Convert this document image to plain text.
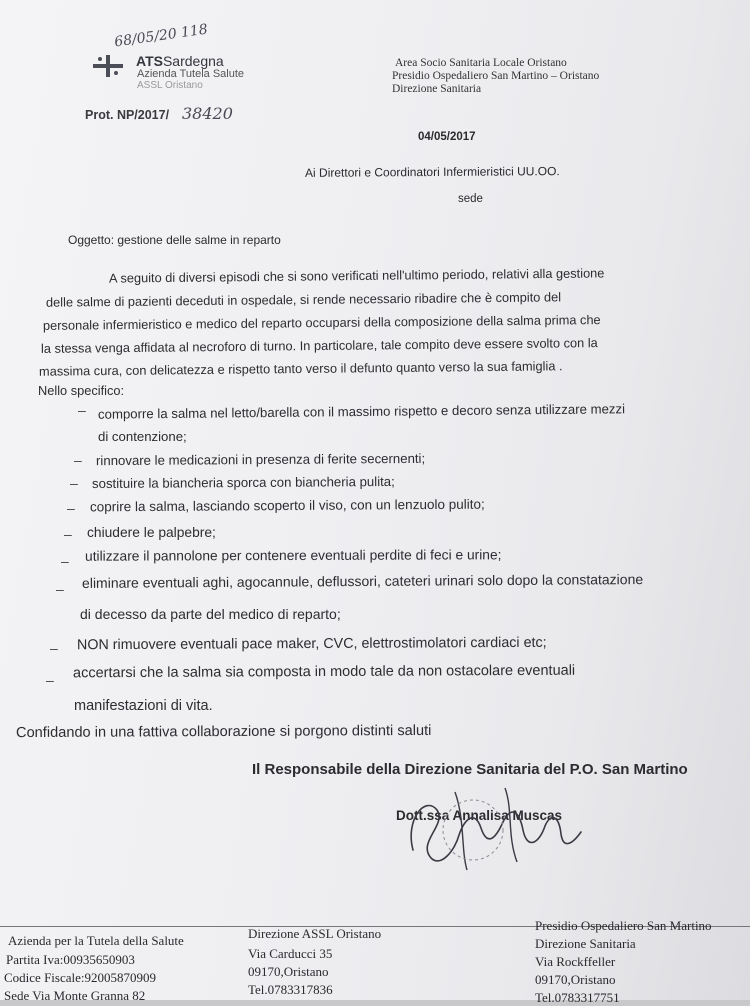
68/05/20 118
ATSSardegna
Azienda Tutela Salute
ASSL Oristano
Area Socio Sanitaria Locale Oristano
Presidio Ospedaliero San Martino – Oristano
Direzione Sanitaria
Prot. NP/2017/ 38420
04/05/2017
Ai Direttori e Coordinatori Infermieristici UU.OO.
sede
Oggetto: gestione delle salme in reparto
A seguito di diversi episodi che si sono verificati nell'ultimo periodo, relativi alla gestione
delle salme di pazienti deceduti in ospedale, si rende necessario ribadire che è compito del
personale infermieristico e medico del reparto occuparsi della composizione della salma prima che
la stessa venga affidata al necroforo di turno. In particolare, tale compito deve essere svolto con la
massima cura, con delicatezza e rispetto tanto verso il defunto quanto verso la sua famiglia .
Nello specifico:
– comporre la salma nel letto/barella con il massimo rispetto e decoro senza utilizzare mezzi
di contenzione;
– rinnovare le medicazioni in presenza di ferite secernenti;
– sostituire la biancheria sporca con biancheria pulita;
– coprire la salma, lasciando scoperto il viso, con un lenzuolo pulito;
– chiudere le palpebre;
– utilizzare il pannolone per contenere eventuali perdite di feci e urine;
– eliminare eventuali aghi, agocannule, deflussori, cateteri urinari solo dopo la constatazione
di decesso da parte del medico di reparto;
– NON rimuovere eventuali pace maker, CVC, elettrostimolatori cardiaci etc;
– accertarsi che la salma sia composta in modo tale da non ostacolare eventuali
manifestazioni di vita.
Confidando in una fattiva collaborazione si porgono distinti saluti
Il Responsabile della Direzione Sanitaria del P.O. San Martino
Dott.ssa Annalisa Muscas
Azienda per la Tutela della Salute
Partita Iva:00935650903
Codice Fiscale:92005870909
Sede Via Monte Granna 82
Direzione ASSL Oristano
Via Carducci 35
09170,Oristano
Tel.0783317836
Presidio Ospedaliero San Martino
Direzione Sanitaria
Via Rockffeller
09170,Oristano
Tel.0783317751
